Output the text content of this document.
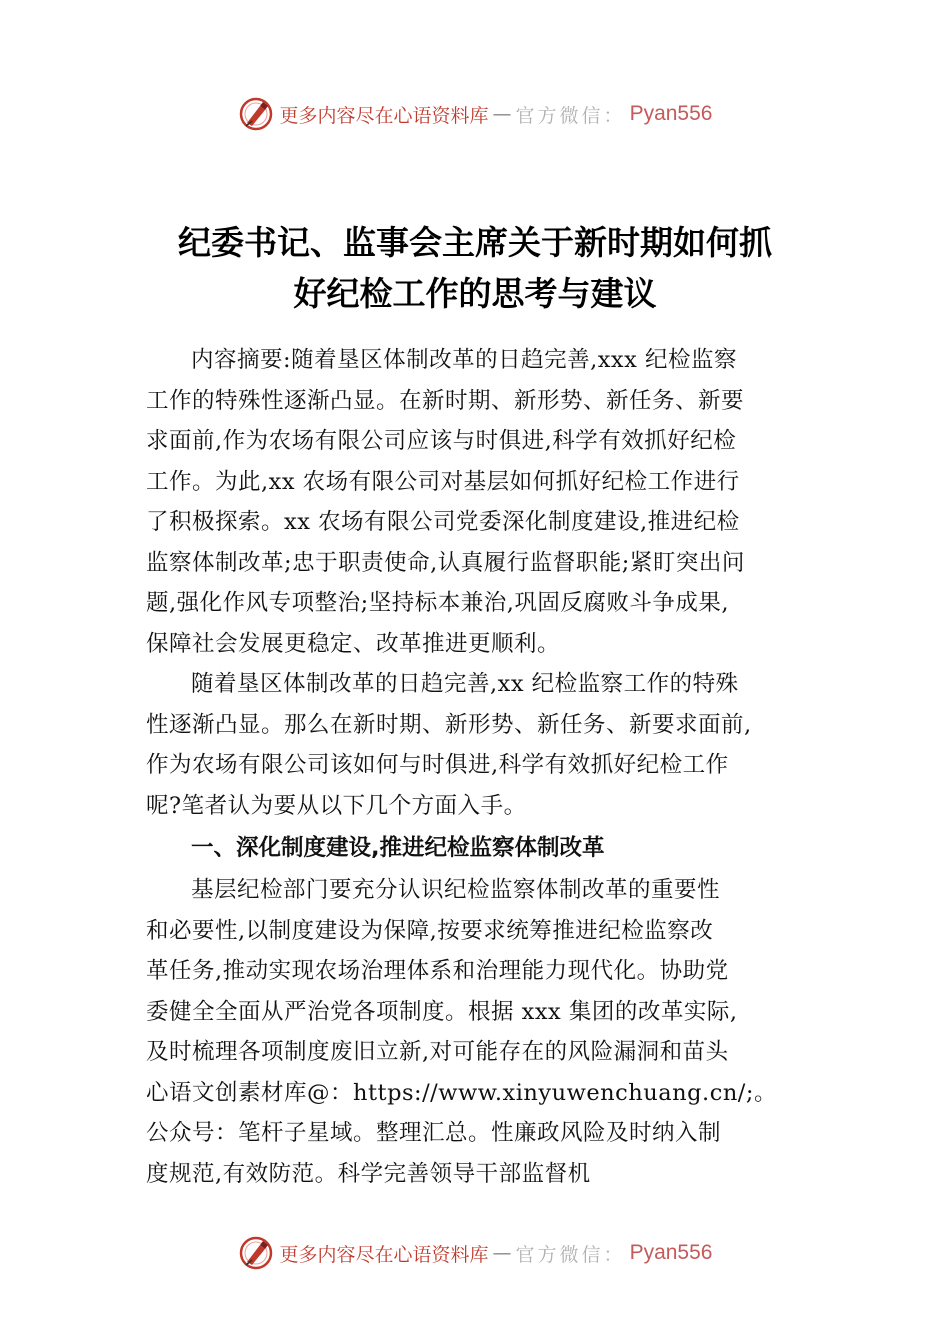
更多内容尽在心语资料库 — 官方微信： Pyan556
纪委书记、监事会主席关于新时期如何抓
好纪检工作的思考与建议
内容摘要:随着垦区体制改革的日趋完善,xxx 纪检监察
工作的特殊性逐渐凸显。在新时期、新形势、新任务、新要
求面前,作为农场有限公司应该与时俱进,科学有效抓好纪检
工作。为此,xx 农场有限公司对基层如何抓好纪检工作进行
了积极探索。xx 农场有限公司党委深化制度建设,推进纪检
监察体制改革;忠于职责使命,认真履行监督职能;紧盯突出问
题,强化作风专项整治;坚持标本兼治,巩固反腐败斗争成果,
保障社会发展更稳定、改革推进更顺利。
随着垦区体制改革的日趋完善,xx 纪检监察工作的特殊
性逐渐凸显。那么在新时期、新形势、新任务、新要求面前,
作为农场有限公司该如何与时俱进,科学有效抓好纪检工作
呢?笔者认为要从以下几个方面入手。
一、深化制度建设,推进纪检监察体制改革
基层纪检部门要充分认识纪检监察体制改革的重要性
和必要性,以制度建设为保障,按要求统筹推进纪检监察改
革任务,推动实现农场治理体系和治理能力现代化。协助党
委健全全面从严治党各项制度。根据 xxx 集团的改革实际,
及时梳理各项制度废旧立新,对可能存在的风险漏洞和苗头
心语文创素材库@：https://www.xinyuwenchuang.cn/;。
公众号：笔杆子星域。整理汇总。性廉政风险及时纳入制
度规范,有效防范。科学完善领导干部监督机
更多内容尽在心语资料库 — 官方微信： Pyan556
